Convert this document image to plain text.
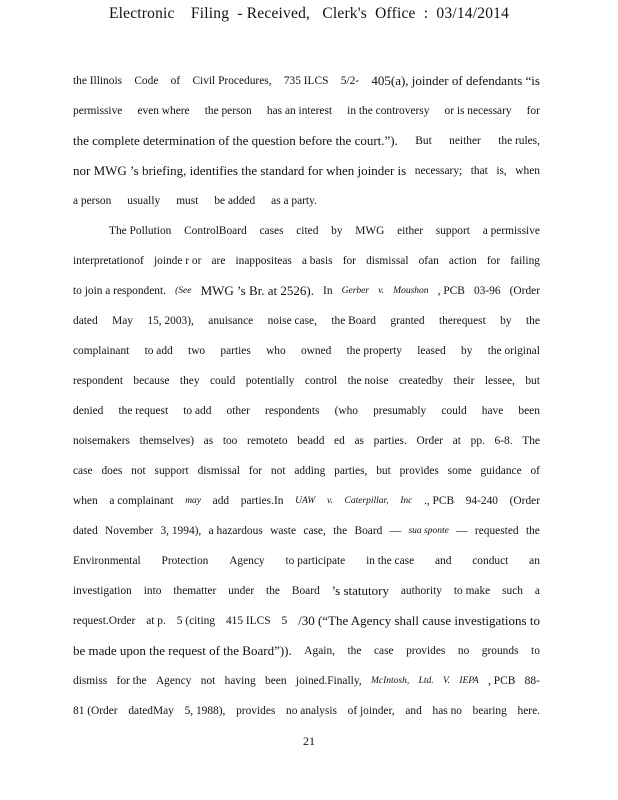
Electronic    Filing  - Received,   Clerk's  Office  :  03/14/2014
the Illinois Code of Civil Procedures, 735 ILCS 5/2- 405(a), joinder of defendants “is
permissive even where the person has an interest in the controversy or is necessary for
the complete determination of the question before the court.”). But neither the rules,
nor MWG ’s briefing, identifies the standard for when joinder is necessary; that is, when
a person usually must be added as a party.
The Pollution ControlBoard cases cited by MWG either support a permissive
interpretationof joinde r or are inappositeas a basis for dismissal ofan action for failing
to join a respondent. (See MWG ’s Br. at 2526). In Gerber v. Moushon , PCB 03-96 (Order
dated May 15, 2003), anuisance noise case, the Board granted therequest by the
complainant to add two parties who owned the property leased by the original
respondent because they could potentially control the noise createdby their lessee, but
denied the request to add other respondents (who presumably could have been
noisemakers themselves) as too remoteto beadd ed as parties. Order at pp. 6-8. The
case does not support dismissal for not adding parties, but provides some guidance of
when a complainant may add parties.In UAW v. Caterpillar, Inc ., PCB 94-240 (Order
dated November 3, 1994), a hazardous waste case, the Board — sua sponte — requested the
Environmental Protection Agency to participate in the case and conduct an
investigation into thematter under the Board ’s statutory authority to make such a
request.Order at p. 5 (citing 415 ILCS 5 /30 (“The Agency shall cause investigations to
be made upon the request of the Board”)). Again, the case provides no grounds to
dismiss for the Agency not having been joined.Finally, McIntosh, Ltd. V. IEPA , PCB 88-
81 (Order datedMay 5, 1988), provides no analysis of joinder, and has no bearing here.
21
